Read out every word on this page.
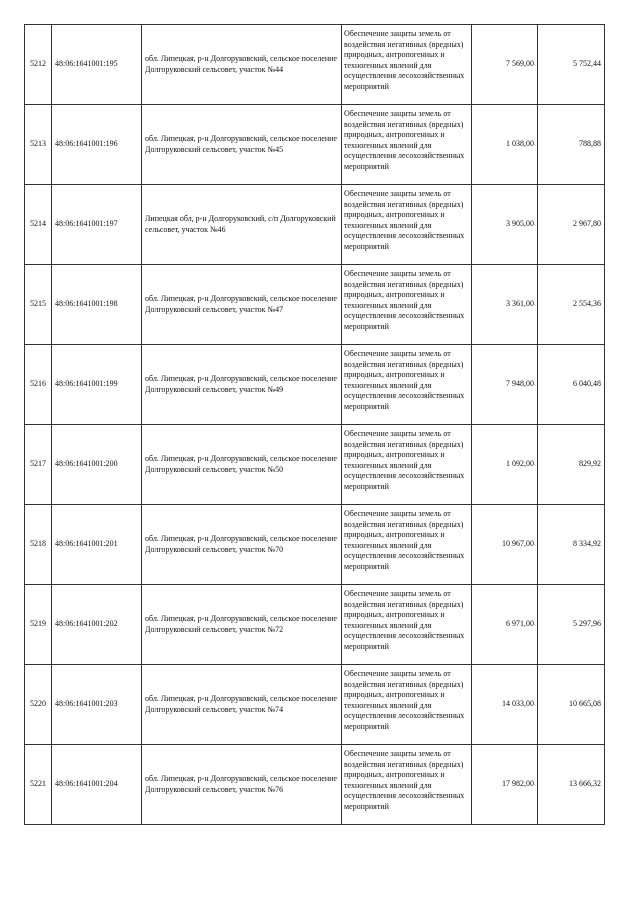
5212	48:06:1641001:195	обл. Липецкая, р-н Долгоруковский, сельское поселение Долгоруковский сельсовет, участок №44	Обеспечение защиты земель от воздействия негативных (вредных) природных, антропогенных и техногенных явлений для осуществления лесохозяйственных мероприятий	7 569,00	5 752,44
5213	48:06:1641001:196	обл. Липецкая, р-н Долгоруковский, сельское поселение Долгоруковский сельсовет, участок №45	Обеспечение защиты земель от воздействия негативных (вредных) природных, антропогенных и техногенных явлений для осуществления лесохозяйственных мероприятий	1 038,00	788,88
5214	48:06:1641001:197	Липецкая обл, р-н Долгоруковский, с/п Долгоруковский сельсовет, участок №46	Обеспечение защиты земель от воздействия негативных (вредных) природных, антропогенных и техногенных явлений для осуществления лесохозяйственных мероприятий	3 905,00	2 967,80
5215	48:06:1641001:198	обл. Липецкая, р-н Долгоруковский, сельское поселение Долгоруковский сельсовет, участок №47	Обеспечение защиты земель от воздействия негативных (вредных) природных, антропогенных и техногенных явлений для осуществления лесохозяйственных мероприятий	3 361,00	2 554,36
5216	48:06:1641001:199	обл. Липецкая, р-н Долгоруковский, сельское поселение Долгоруковский сельсовет, участок №49	Обеспечение защиты земель от воздействия негативных (вредных) природных, антропогенных и техногенных явлений для осуществления лесохозяйственных мероприятий	7 948,00	6 040,48
5217	48:06:1641001:200	обл. Липецкая, р-н Долгоруковский, сельское поселение Долгоруковский сельсовет, участок №50	Обеспечение защиты земель от воздействия негативных (вредных) природных, антропогенных и техногенных явлений для осуществления лесохозяйственных мероприятий	1 092,00	829,92
5218	48:06:1641001:201	обл. Липецкая, р-н Долгоруковский, сельское поселение Долгоруковский сельсовет, участок №70	Обеспечение защиты земель от воздействия негативных (вредных) природных, антропогенных и техногенных явлений для осуществления лесохозяйственных мероприятий	10 967,00	8 334,92
5219	48:06:1641001:202	обл. Липецкая, р-н Долгоруковский, сельское поселение Долгоруковский сельсовет, участок №72	Обеспечение защиты земель от воздействия негативных (вредных) природных, антропогенных и техногенных явлений для осуществления лесохозяйственных мероприятий	6 971,00	5 297,96
5220	48:06:1641001:203	обл. Липецкая, р-н Долгоруковский, сельское поселение Долгоруковский сельсовет, участок №74	Обеспечение защиты земель от воздействия негативных (вредных) природных, антропогенных и техногенных явлений для осуществления лесохозяйственных мероприятий	14 033,00	10 665,08
5221	48:06:1641001:204	обл. Липецкая, р-н Долгоруковский, сельское поселение Долгоруковский сельсовет, участок №76	Обеспечение защиты земель от воздействия негативных (вредных) природных, антропогенных и техногенных явлений для осуществления лесохозяйственных мероприятий	17 982,00	13 666,32
